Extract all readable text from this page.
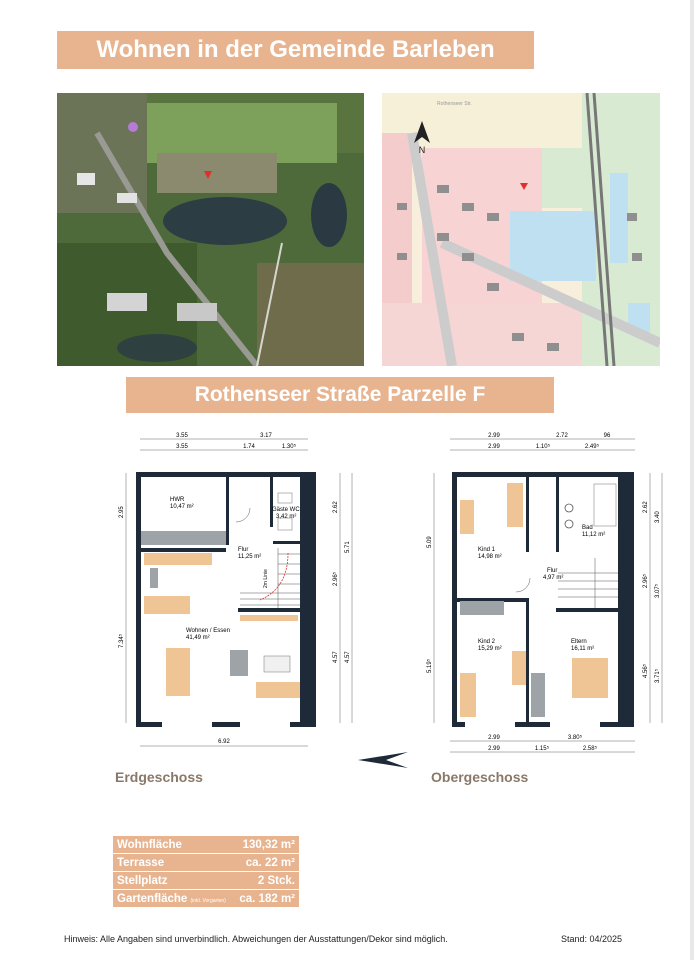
Wohnen in der Gemeinde Barleben
N
Rothenseer Str.
Rothenseer Straße Parzelle F
3.55	3.17
3.55	1.74	1.30⁵
6.92
2.95
7.34⁵
2.62
5.71
2.96⁵
4.57 4.57
HWR
10,47 m²	Gäste WC
3,42 m²
Flur
11,25 m²
2m Linie
Wohnen / Essen
41,49 m²
2.99	2.72	96
2.99	1.10⁵	2.49⁵
2.99	3.80⁵
2.99	1.15⁵	2.58⁵
5.09
5.19⁵
2.62
3.40
2.96⁵
3.07⁵
4.56⁵ 3.71⁵
Kind 1
14,98 m²
Bad
11,12 m²
Flur
4,97 m²
Kind 2
15,29 m²
Eltern
16,11 m²
Erdgeschoss	Obergeschoss
Wohnfläche	130,32 m²
Terrasse	ca. 22 m²
Stellplatz	2 Stck.
Gartenfläche (inkl. Vorgarten)	ca. 182 m²
Hinweis: Alle Angaben sind unverbindlich. Abweichungen der Ausstattungen/Dekor sind möglich.	Stand: 04/2025
